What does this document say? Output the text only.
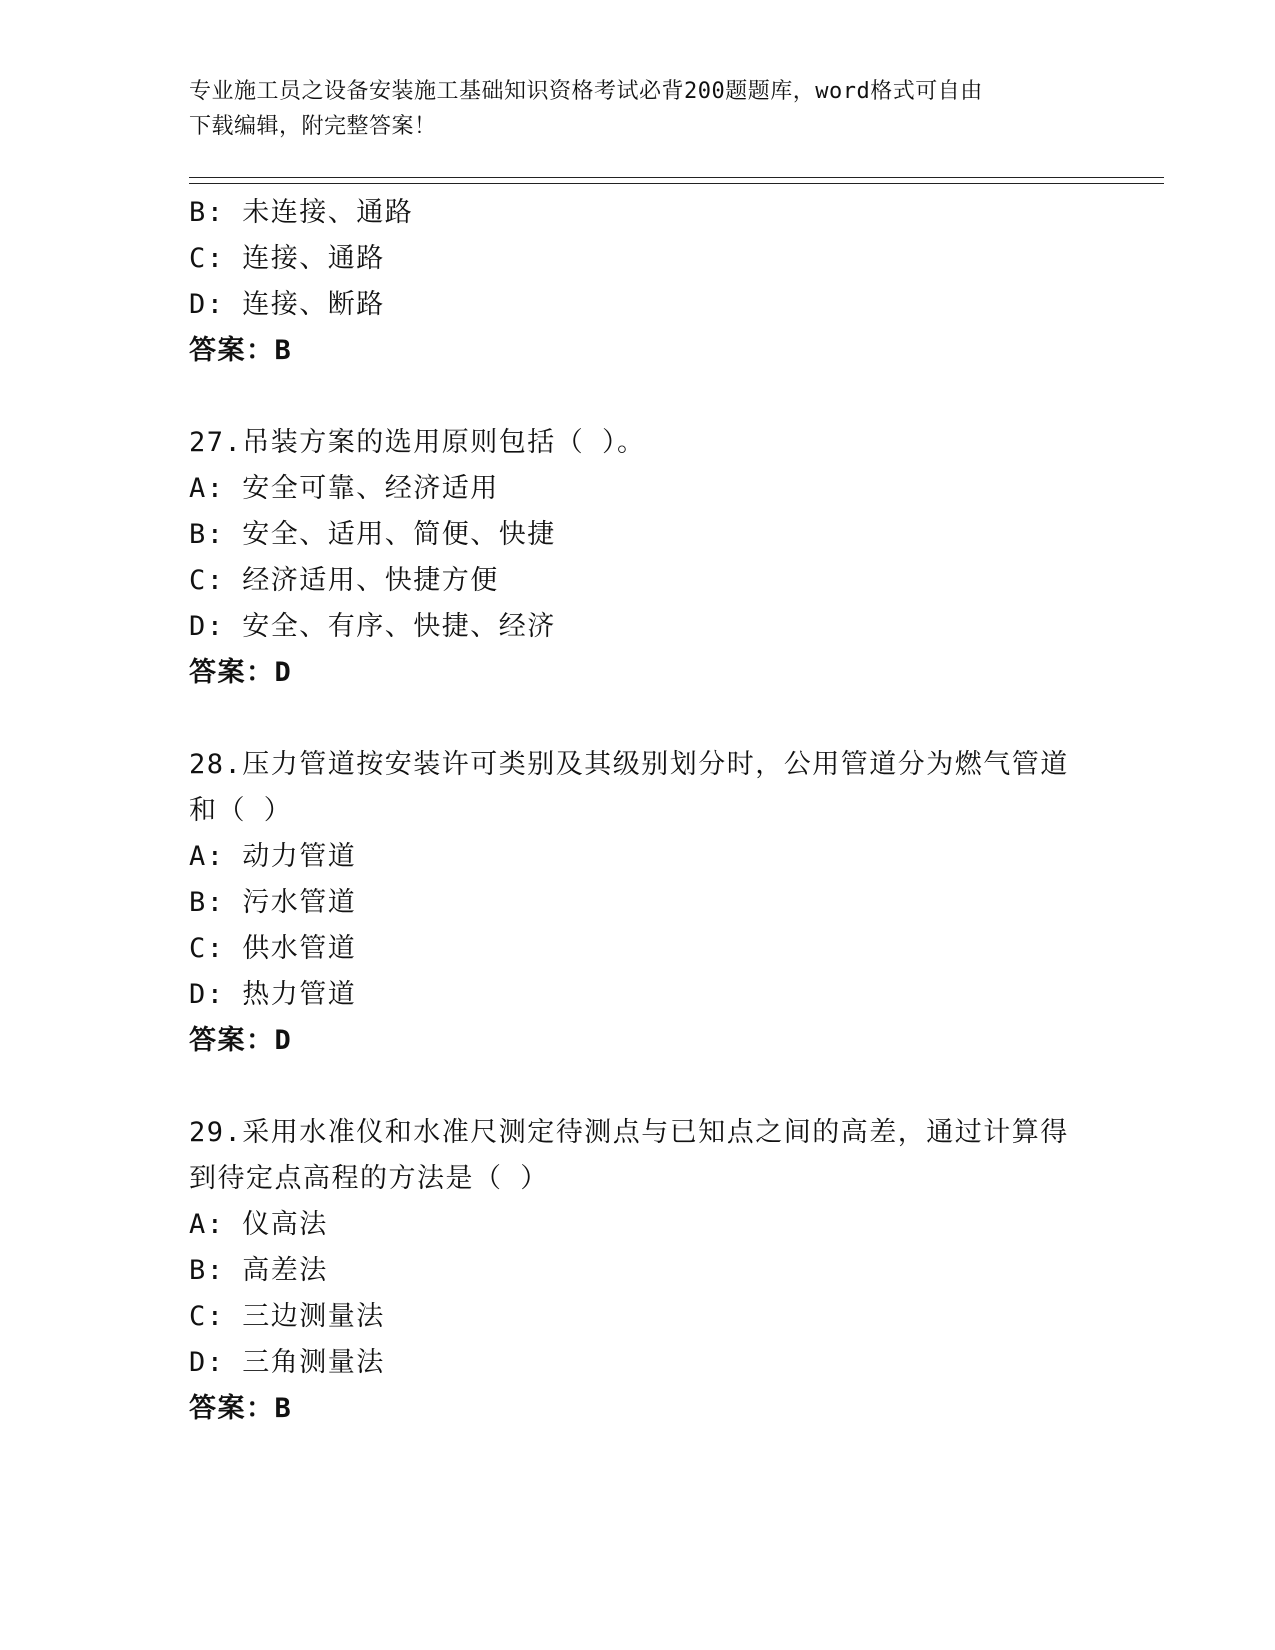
专业施工员之设备安装施工基础知识资格考试必背200题题库，word格式可自由
下载编辑，附完整答案！
B: 未连接、通路
C: 连接、通路
D: 连接、断路
答案：B
27.吊装方案的选用原则包括（ ）。
A: 安全可靠、经济适用
B: 安全、适用、简便、快捷
C: 经济适用、快捷方便
D: 安全、有序、快捷、经济
答案：D
28.压力管道按安装许可类别及其级别划分时，公用管道分为燃气管道
和（ ）
A: 动力管道
B: 污水管道
C: 供水管道
D: 热力管道
答案：D
29.采用水准仪和水准尺测定待测点与已知点之间的高差，通过计算得
到待定点高程的方法是（ ）
A: 仪高法
B: 高差法
C: 三边测量法
D: 三角测量法
答案：B
